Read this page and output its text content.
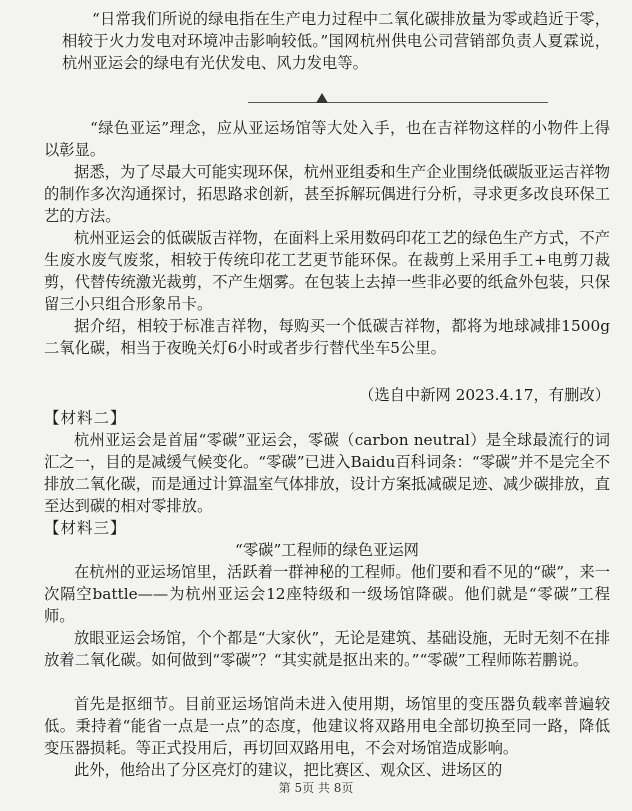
“日常我们所说的绿电指在生产电力过程中二氧化碳排放量为零或趋近于零，相较于火力发电对环境冲击影响较低。”国网杭州供电公司营销部负责人夏霖说，杭州亚运会的绿电有光伏发电、风力发电等。

“绿色亚运”理念，应从亚运场馆等大处入手，也在吉祥物这样的小物件上得以彰显。

据悉，为了尽最大可能实现环保，杭州亚组委和生产企业围绕低碳版亚运吉祥物的制作多次沟通探讨，拓思路求创新，甚至拆解玩偶进行分析，寻求更多改良环保工艺的方法。

杭州亚运会的低碳版吉祥物，在面料上采用数码印花工艺的绿色生产方式，不产生废水废气废浆，相较于传统印花工艺更节能环保。在裁剪上采用手工+电剪刀裁剪，代替传统激光裁剪，不产生烟雾。在包装上去掉一些非必要的纸盒外包装，只保留三小只组合形象吊卡。

据介绍，相较于标准吉祥物，每购买一个低碳吉祥物，都将为地球减排1500g二氧化碳，相当于夜晚关灯6小时或者步行替代坐车5公里。

（选自中新网 2023.4.17，有删改）

【材料二】

杭州亚运会是首届“零碳”亚运会，零碳（carbon neutral）是全球最流行的词汇之一，目的是减缓气候变化。“零碳”已进入Baidu百科词条：“零碳”并不是完全不排放二氧化碳，而是通过计算温室气体排放，设计方案抵减碳足迹、减少碳排放，直至达到碳的相对零排放。

【材料三】

“零碳”工程师的绿色亚运网

在杭州的亚运场馆里，活跃着一群神秘的工程师。他们要和看不见的“碳”，来一次隔空battle——为杭州亚运会12座特级和一级场馆降碳。他们就是“零碳”工程师。

放眼亚运会场馆，个个都是“大家伙”，无论是建筑、基础设施，无时无刻不在排放着二氧化碳。如何做到“零碳”？“其实就是抠出来的。”“零碳”工程师陈若鹏说。

首先是抠细节。目前亚运场馆尚未进入使用期，场馆里的变压器负载率普遍较低。秉持着“能省一点是一点”的态度，他建议将双路用电全部切换至同一路，降低变压器损耗。等正式投用后，再切回双路用电，不会对场馆造成影响。

此外，他给出了分区亮灯的建议，把比赛区、观众区、进场区的

第 5页 共 8页
